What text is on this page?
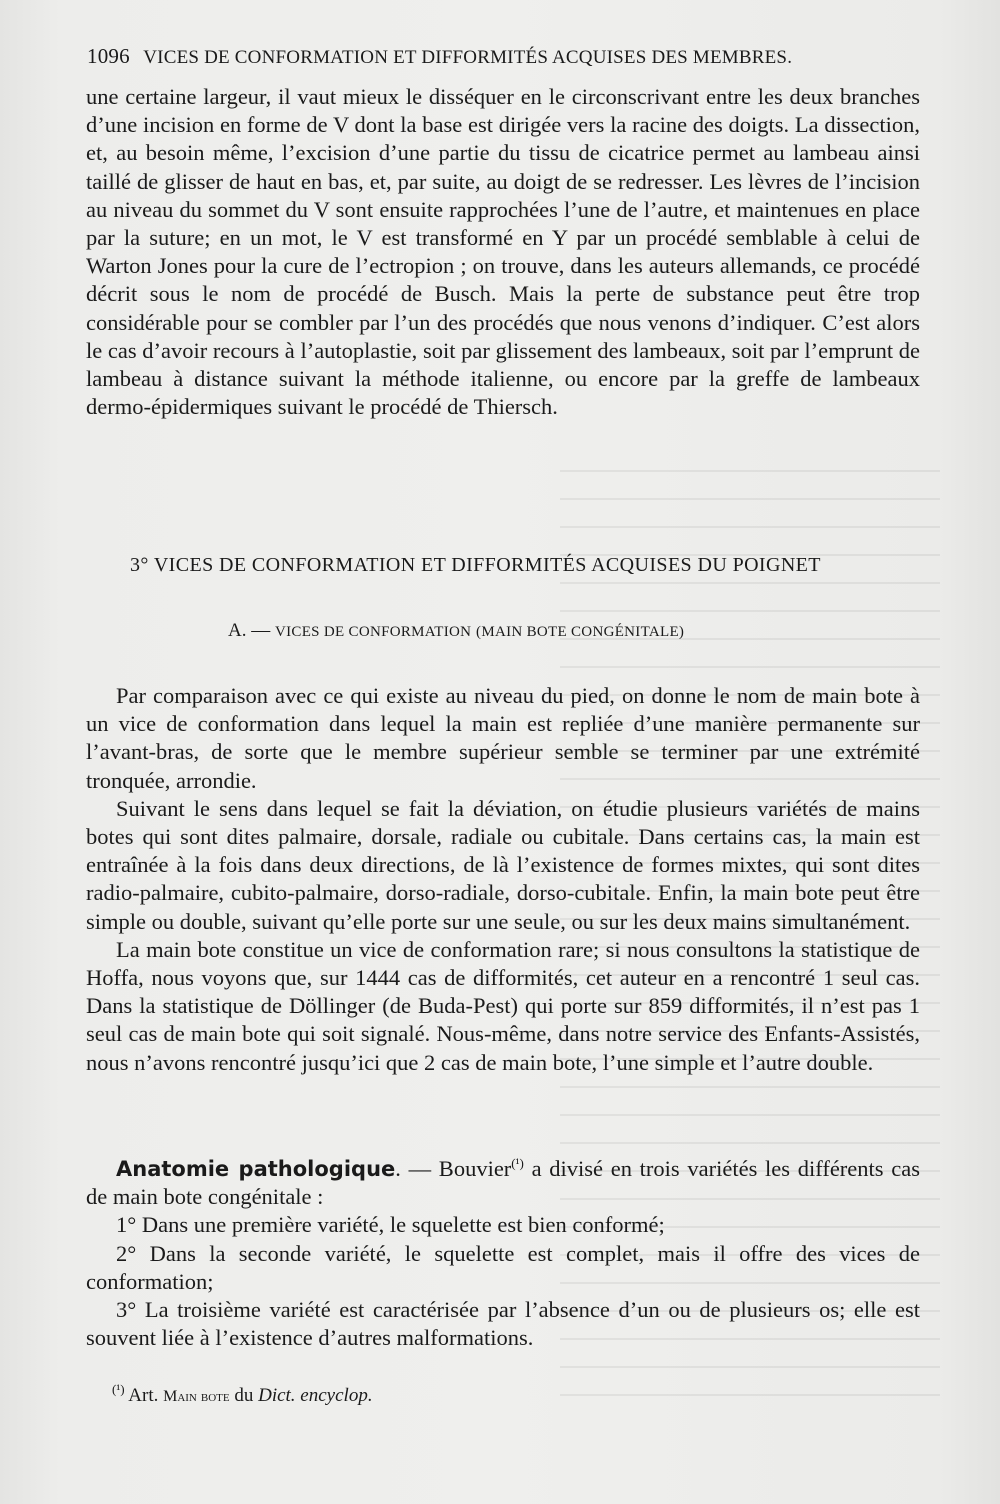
1096 VICES DE CONFORMATION ET DIFFORMITÉS ACQUISES DES MEMBRES.

une certaine largeur, il vaut mieux le disséquer en le circonscrivant entre les deux branches d’une incision en forme de V dont la base est dirigée vers la racine des doigts. La dissection, et, au besoin même, l’excision d’une partie du tissu de cicatrice permet au lambeau ainsi taillé de glisser de haut en bas, et, par suite, au doigt de se redresser. Les lèvres de l’incision au niveau du sommet du V sont ensuite rapprochées l’une de l’autre, et maintenues en place par la suture; en un mot, le V est transformé en Y par un procédé semblable à celui de Warton Jones pour la cure de l’ectropion ; on trouve, dans les auteurs allemands, ce procédé décrit sous le nom de procédé de Busch. Mais la perte de substance peut être trop considérable pour se combler par l’un des procédés que nous venons d’indiquer. C’est alors le cas d’avoir recours à l’autoplastie, soit par glissement des lambeaux, soit par l’emprunt de lambeau à distance suivant la méthode italienne, ou encore par la greffe de lambeaux dermo-épidermiques suivant le procédé de Thiersch.

3° VICES DE CONFORMATION ET DIFFORMITÉS ACQUISES DU POIGNET
A. — VICES DE CONFORMATION (MAIN BOTE CONGÉNITALE)

Par comparaison avec ce qui existe au niveau du pied, on donne le nom de main bote à un vice de conformation dans lequel la main est repliée d’une manière permanente sur l’avant-bras, de sorte que le membre supérieur semble se terminer par une extrémité tronquée, arrondie.

Suivant le sens dans lequel se fait la déviation, on étudie plusieurs variétés de mains botes qui sont dites palmaire, dorsale, radiale ou cubitale. Dans certains cas, la main est entraînée à la fois dans deux directions, de là l’existence de formes mixtes, qui sont dites radio-palmaire, cubito-palmaire, dorso-radiale, dorso-cubitale. Enfin, la main bote peut être simple ou double, suivant qu’elle porte sur une seule, ou sur les deux mains simultanément.

La main bote constitue un vice de conformation rare; si nous consultons la statistique de Hoffa, nous voyons que, sur 1444 cas de difformités, cet auteur en a rencontré 1 seul cas. Dans la statistique de Döllinger (de Buda-Pest) qui porte sur 859 difformités, il n’est pas 1 seul cas de main bote qui soit signalé. Nous-même, dans notre service des Enfants-Assistés, nous n’avons rencontré jusqu’ici que 2 cas de main bote, l’une simple et l’autre double.

Anatomie pathologique. — Bouvier$^{(^1)}$ a divisé en trois variétés les différents cas de main bote congénitale :

1° Dans une première variété, le squelette est bien conformé;

2° Dans la seconde variété, le squelette est complet, mais il offre des vices de conformation;

3° La troisième variété est caractérisée par l’absence d’un ou de plusieurs os; elle est souvent liée à l’existence d’autres malformations.

$^{(^1)}$ Art. Main bote du Dict. encyclop.
